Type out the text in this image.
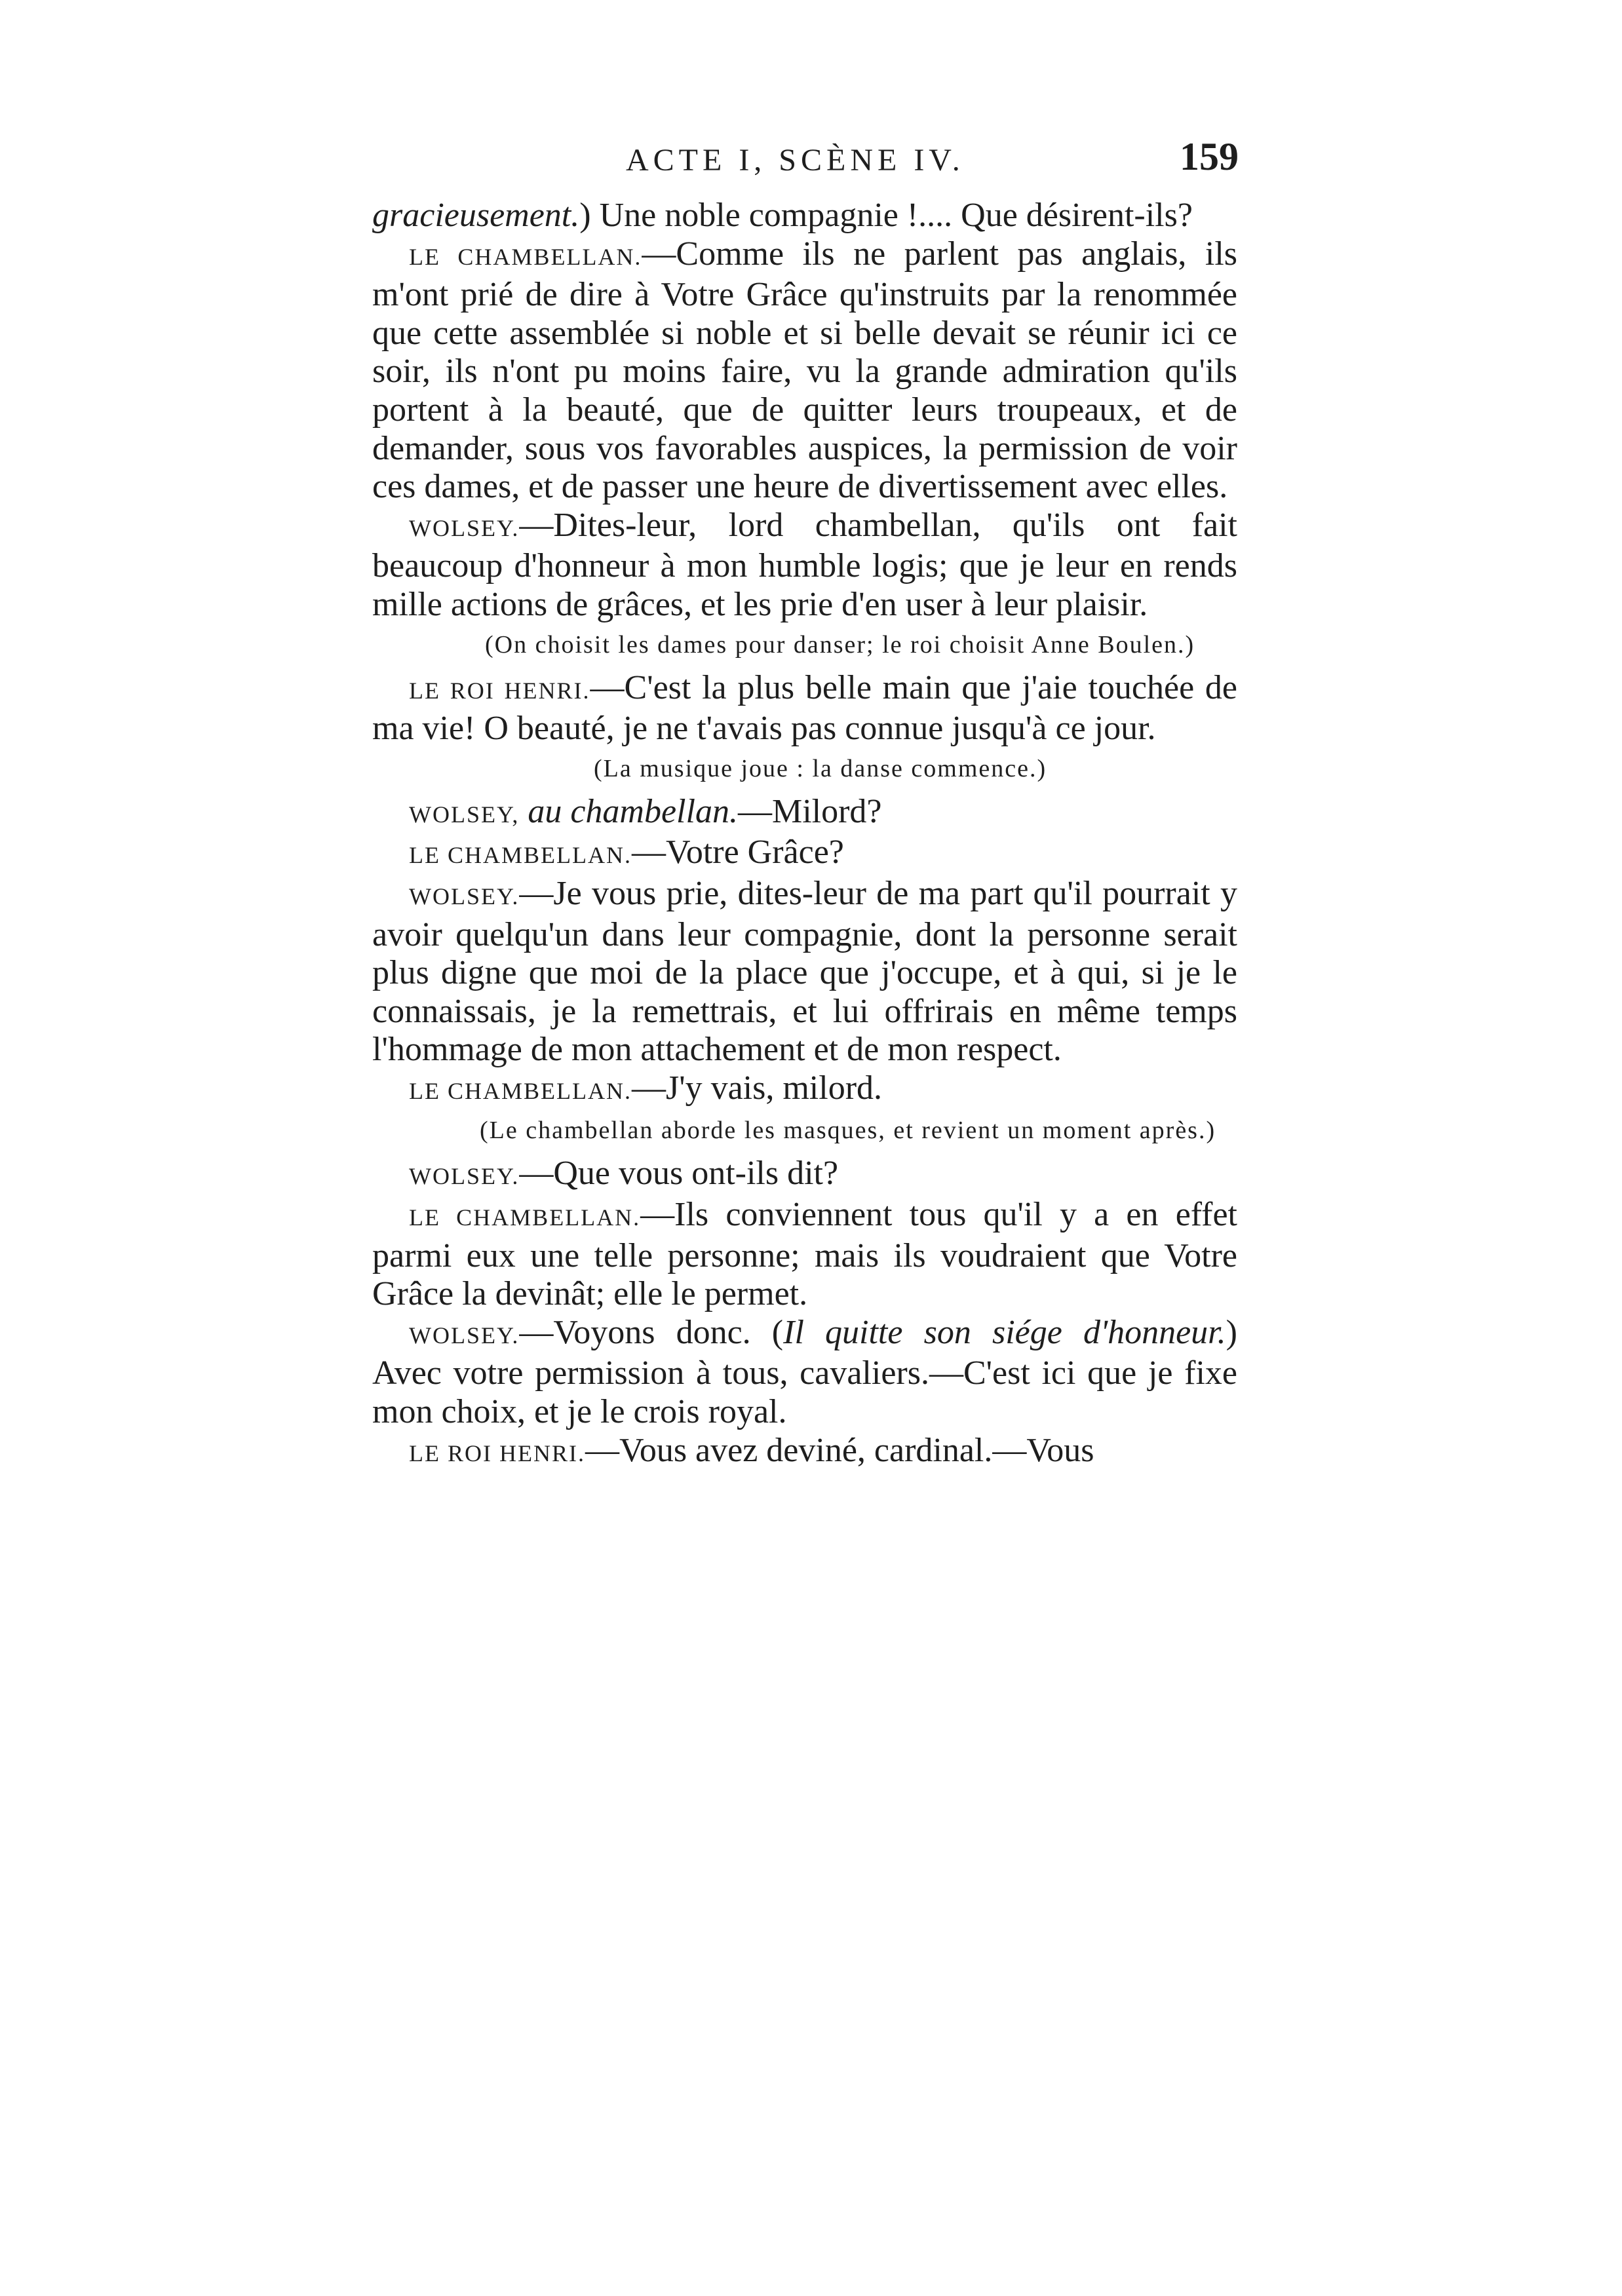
ACTE I, SCÈNE IV.	159

gracieusement.) Une noble compagnie !.... Que désirent-ils?

LE CHAMBELLAN.—Comme ils ne parlent pas anglais, ils m'ont prié de dire à Votre Grâce qu'instruits par la renommée que cette assemblée si noble et si belle devait se réunir ici ce soir, ils n'ont pu moins faire, vu la grande admiration qu'ils portent à la beauté, que de quitter leurs troupeaux, et de demander, sous vos favorables auspices, la permission de voir ces dames, et de passer une heure de divertissement avec elles.

WOLSEY.—Dites-leur, lord chambellan, qu'ils ont fait beaucoup d'honneur à mon humble logis; que je leur en rends mille actions de grâces, et les prie d'en user à leur plaisir.

(On choisit les dames pour danser; le roi choisit Anne Boulen.)

LE ROI HENRI.—C'est la plus belle main que j'aie touchée de ma vie! O beauté, je ne t'avais pas connue jusqu'à ce jour.

(La musique joue : la danse commence.)

WOLSEY, au chambellan.—Milord?

LE CHAMBELLAN.—Votre Grâce?

WOLSEY.—Je vous prie, dites-leur de ma part qu'il pourrait y avoir quelqu'un dans leur compagnie, dont la personne serait plus digne que moi de la place que j'occupe, et à qui, si je le connaissais, je la remettrais, et lui offrirais en même temps l'hommage de mon attachement et de mon respect.

LE CHAMBELLAN.—J'y vais, milord.

(Le chambellan aborde les masques, et revient un moment après.)

WOLSEY.—Que vous ont-ils dit?

LE CHAMBELLAN.—Ils conviennent tous qu'il y a en effet parmi eux une telle personne; mais ils voudraient que Votre Grâce la devinât; elle le permet.

WOLSEY.—Voyons donc. (Il quitte son siége d'honneur.) Avec votre permission à tous, cavaliers.—C'est ici que je fixe mon choix, et je le crois royal.

LE ROI HENRI.—Vous avez deviné, cardinal.—Vous
